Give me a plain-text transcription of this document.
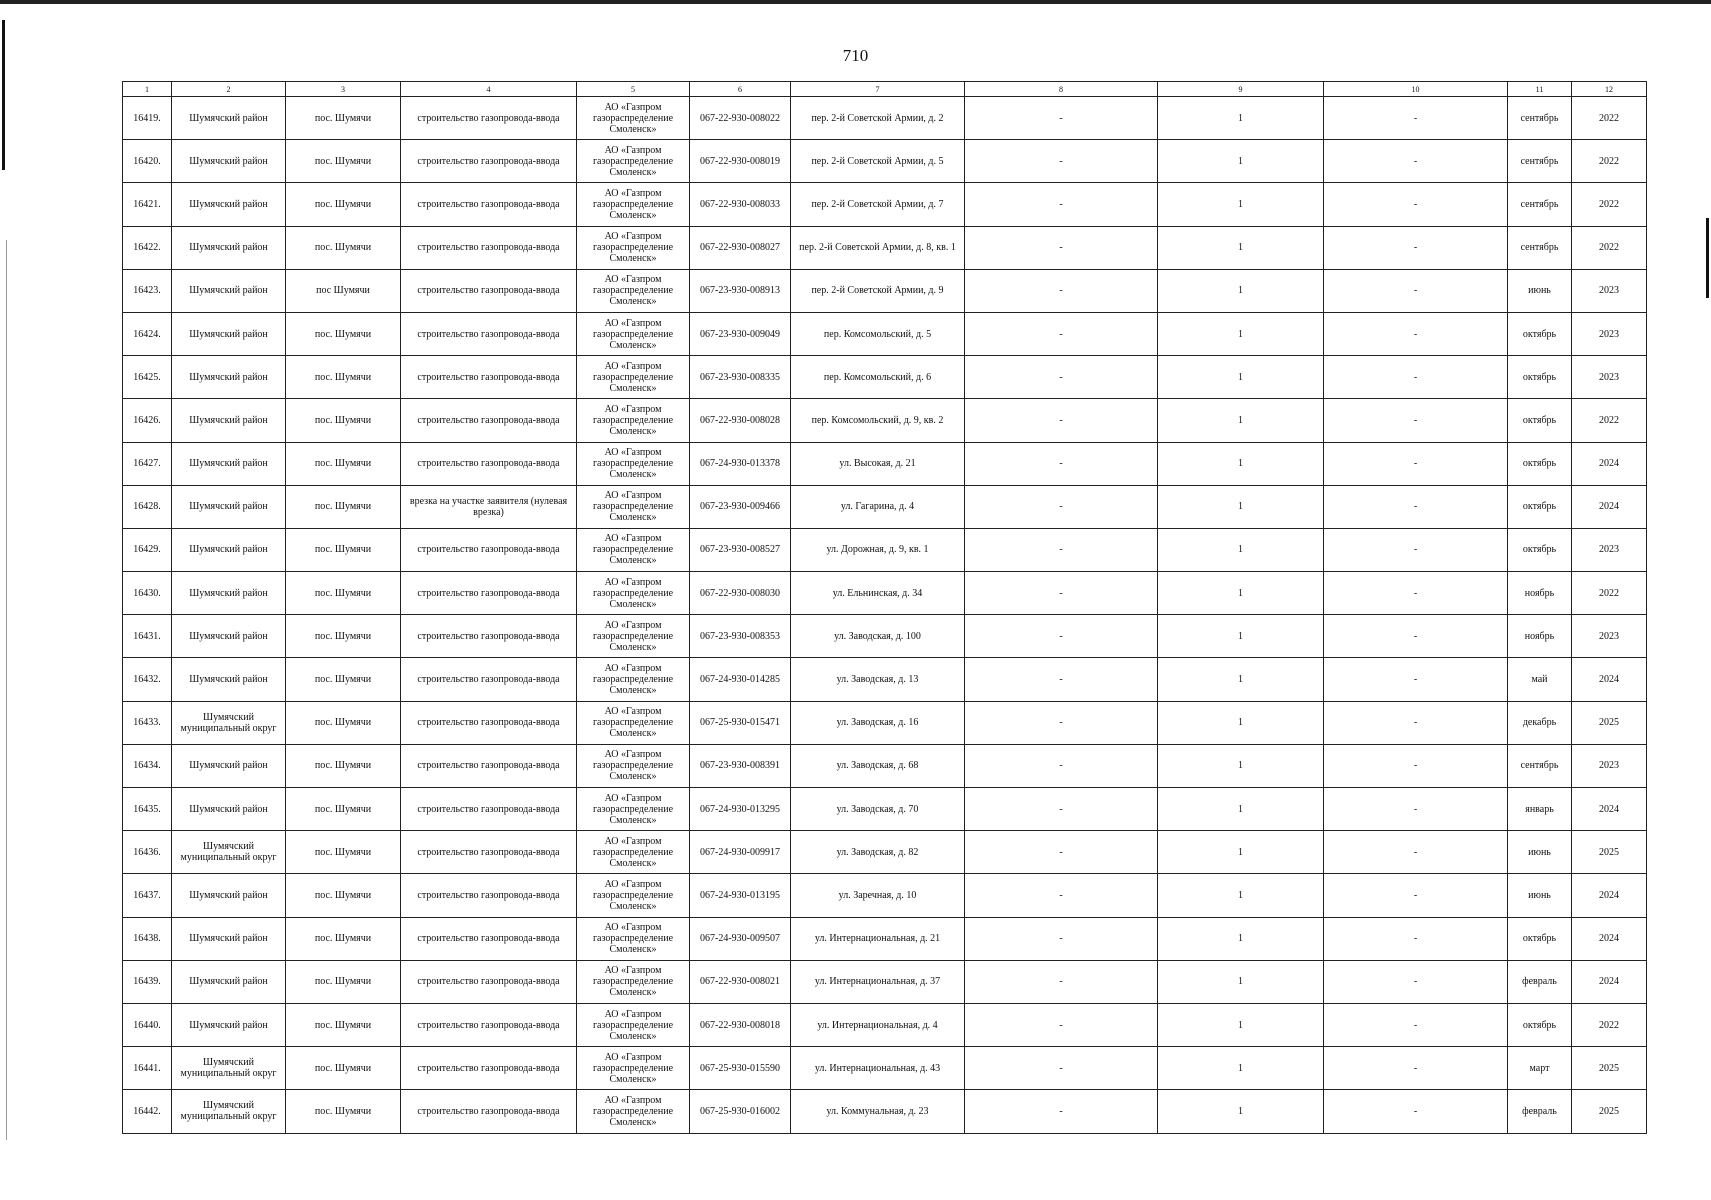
710
1	2	3	4	5	6	7	8	9	10	11	12
16419.	Шумячский район	пос. Шумячи	строительство газопровода-ввода	АО «Газпром газораспределение Смоленск»	067-22-930-008022	пер. 2-й Советской Армии, д. 2	-	1	-	сентябрь	2022
16420.	Шумячский район	пос. Шумячи	строительство газопровода-ввода	АО «Газпром газораспределение Смоленск»	067-22-930-008019	пер. 2-й Советской Армии, д. 5	-	1	-	сентябрь	2022
16421.	Шумячский район	пос. Шумячи	строительство газопровода-ввода	АО «Газпром газораспределение Смоленск»	067-22-930-008033	пер. 2-й Советской Армии, д. 7	-	1	-	сентябрь	2022
16422.	Шумячский район	пос. Шумячи	строительство газопровода-ввода	АО «Газпром газораспределение Смоленск»	067-22-930-008027	пер. 2-й Советской Армии, д. 8, кв. 1	-	1	-	сентябрь	2022
16423.	Шумячский район	пос Шумячи	строительство газопровода-ввода	АО «Газпром газораспределение Смоленск»	067-23-930-008913	пер. 2-й Советской Армии, д. 9	-	1	-	июнь	2023
16424.	Шумячский район	пос. Шумячи	строительство газопровода-ввода	АО «Газпром газораспределение Смоленск»	067-23-930-009049	пер. Комсомольский, д. 5	-	1	-	октябрь	2023
16425.	Шумячский район	пос. Шумячи	строительство газопровода-ввода	АО «Газпром газораспределение Смоленск»	067-23-930-008335	пер. Комсомольский, д. 6	-	1	-	октябрь	2023
16426.	Шумячский район	пос. Шумячи	строительство газопровода-ввода	АО «Газпром газораспределение Смоленск»	067-22-930-008028	пер. Комсомольский, д. 9, кв. 2	-	1	-	октябрь	2022
16427.	Шумячский район	пос. Шумячи	строительство газопровода-ввода	АО «Газпром газораспределение Смоленск»	067-24-930-013378	ул. Высокая, д. 21	-	1	-	октябрь	2024
16428.	Шумячский район	пос. Шумячи	врезка на участке заявителя (нулевая врезка)	АО «Газпром газораспределение Смоленск»	067-23-930-009466	ул. Гагарина, д. 4	-	1	-	октябрь	2024
16429.	Шумячский район	пос. Шумячи	строительство газопровода-ввода	АО «Газпром газораспределение Смоленск»	067-23-930-008527	ул. Дорожная, д. 9, кв. 1	-	1	-	октябрь	2023
16430.	Шумячский район	пос. Шумячи	строительство газопровода-ввода	АО «Газпром газораспределение Смоленск»	067-22-930-008030	ул. Ельнинская, д. 34	-	1	-	ноябрь	2022
16431.	Шумячский район	пос. Шумячи	строительство газопровода-ввода	АО «Газпром газораспределение Смоленск»	067-23-930-008353	ул. Заводская, д. 100	-	1	-	ноябрь	2023
16432.	Шумячский район	пос. Шумячи	строительство газопровода-ввода	АО «Газпром газораспределение Смоленск»	067-24-930-014285	ул. Заводская, д. 13	-	1	-	май	2024
16433.	Шумячский муниципальный округ	пос. Шумячи	строительство газопровода-ввода	АО «Газпром газораспределение Смоленск»	067-25-930-015471	ул. Заводская, д. 16	-	1	-	декабрь	2025
16434.	Шумячский район	пос. Шумячи	строительство газопровода-ввода	АО «Газпром газораспределение Смоленск»	067-23-930-008391	ул. Заводская, д. 68	-	1	-	сентябрь	2023
16435.	Шумячский район	пос. Шумячи	строительство газопровода-ввода	АО «Газпром газораспределение Смоленск»	067-24-930-013295	ул. Заводская, д. 70	-	1	-	январь	2024
16436.	Шумячский муниципальный округ	пос. Шумячи	строительство газопровода-ввода	АО «Газпром газораспределение Смоленск»	067-24-930-009917	ул. Заводская, д. 82	-	1	-	июнь	2025
16437.	Шумячский район	пос. Шумячи	строительство газопровода-ввода	АО «Газпром газораспределение Смоленск»	067-24-930-013195	ул. Заречная, д. 10	-	1	-	июнь	2024
16438.	Шумячский район	пос. Шумячи	строительство газопровода-ввода	АО «Газпром газораспределение Смоленск»	067-24-930-009507	ул. Интернациональная, д. 21	-	1	-	октябрь	2024
16439.	Шумячский район	пос. Шумячи	строительство газопровода-ввода	АО «Газпром газораспределение Смоленск»	067-22-930-008021	ул. Интернациональная, д. 37	-	1	-	февраль	2024
16440.	Шумячский район	пос. Шумячи	строительство газопровода-ввода	АО «Газпром газораспределение Смоленск»	067-22-930-008018	ул. Интернациональная, д. 4	-	1	-	октябрь	2022
16441.	Шумячский муниципальный округ	пос. Шумячи	строительство газопровода-ввода	АО «Газпром газораспределение Смоленск»	067-25-930-015590	ул. Интернациональная, д. 43	-	1	-	март	2025
16442.	Шумячский муниципальный округ	пос. Шумячи	строительство газопровода-ввода	АО «Газпром газораспределение Смоленск»	067-25-930-016002	ул. Коммунальная, д. 23	-	1	-	февраль	2025
